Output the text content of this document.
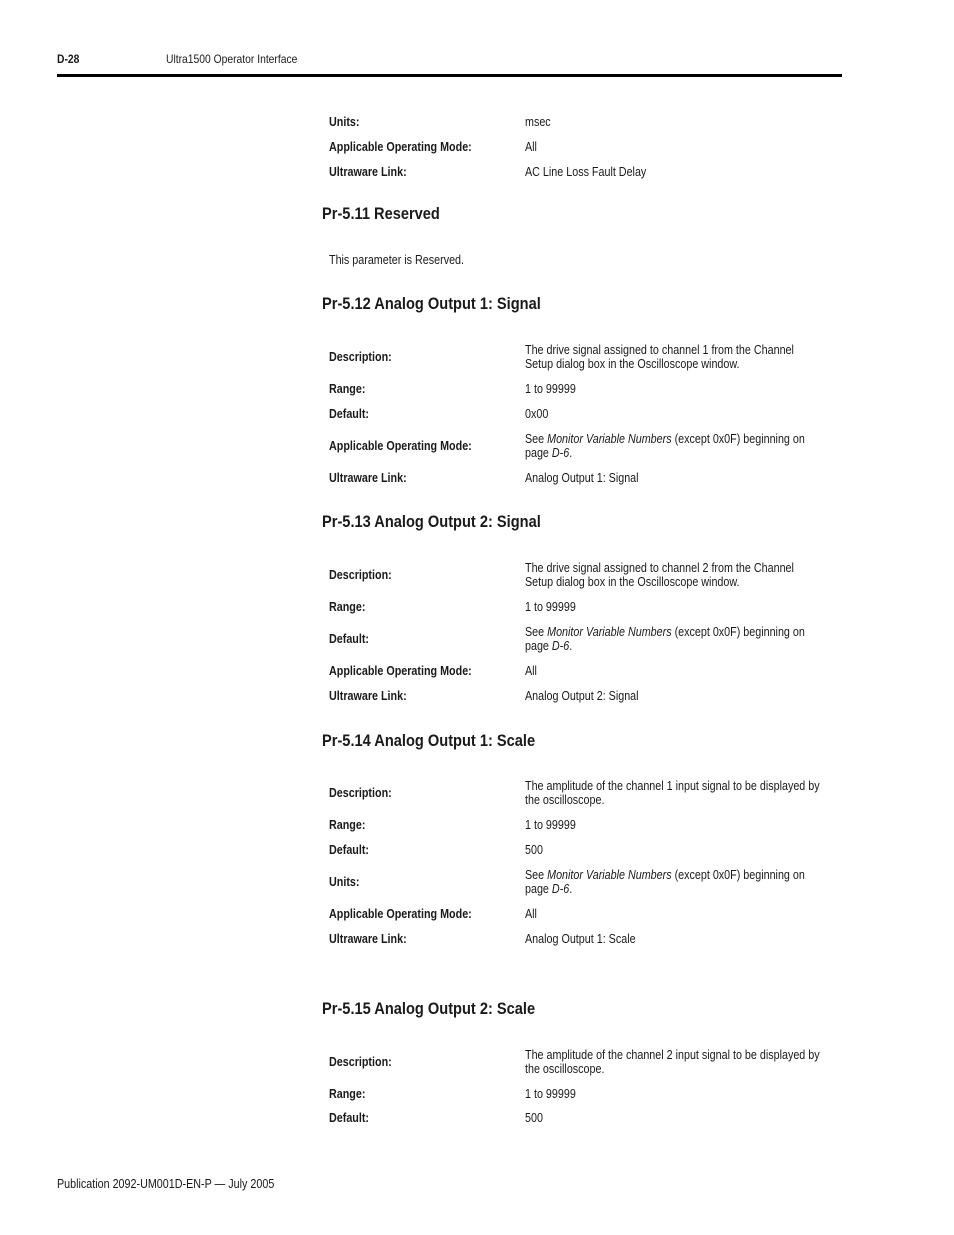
D-28	Ultra1500 Operator Interface
Units:	msec
Applicable Operating Mode:	All
Ultraware Link:	AC Line Loss Fault Delay
Pr-5.11 Reserved
This parameter is Reserved.
Pr-5.12 Analog Output 1: Signal
Description:	The drive signal assigned to channel 1 from the Channel
Setup dialog box in the Oscilloscope window.
Range:	1 to 99999
Default:	0x00
Applicable Operating Mode:	See Monitor Variable Numbers (except 0x0F) beginning on
page D-6.
Ultraware Link:	Analog Output 1: Signal
Pr-5.13 Analog Output 2: Signal
Description:	The drive signal assigned to channel 2 from the Channel
Setup dialog box in the Oscilloscope window.
Range:	1 to 99999
Default:	See Monitor Variable Numbers (except 0x0F) beginning on
page D-6.
Applicable Operating Mode:	All
Ultraware Link:	Analog Output 2: Signal
Pr-5.14 Analog Output 1: Scale
Description:	The amplitude of the channel 1 input signal to be displayed by
the oscilloscope.
Range:	1 to 99999
Default:	500
Units:	See Monitor Variable Numbers (except 0x0F) beginning on
page D-6.
Applicable Operating Mode:	All
Ultraware Link:	Analog Output 1: Scale
Pr-5.15 Analog Output 2: Scale
Description:	The amplitude of the channel 2 input signal to be displayed by
the oscilloscope.
Range:	1 to 99999
Default:	500
Publication 2092-UM001D-EN-P — July 2005
